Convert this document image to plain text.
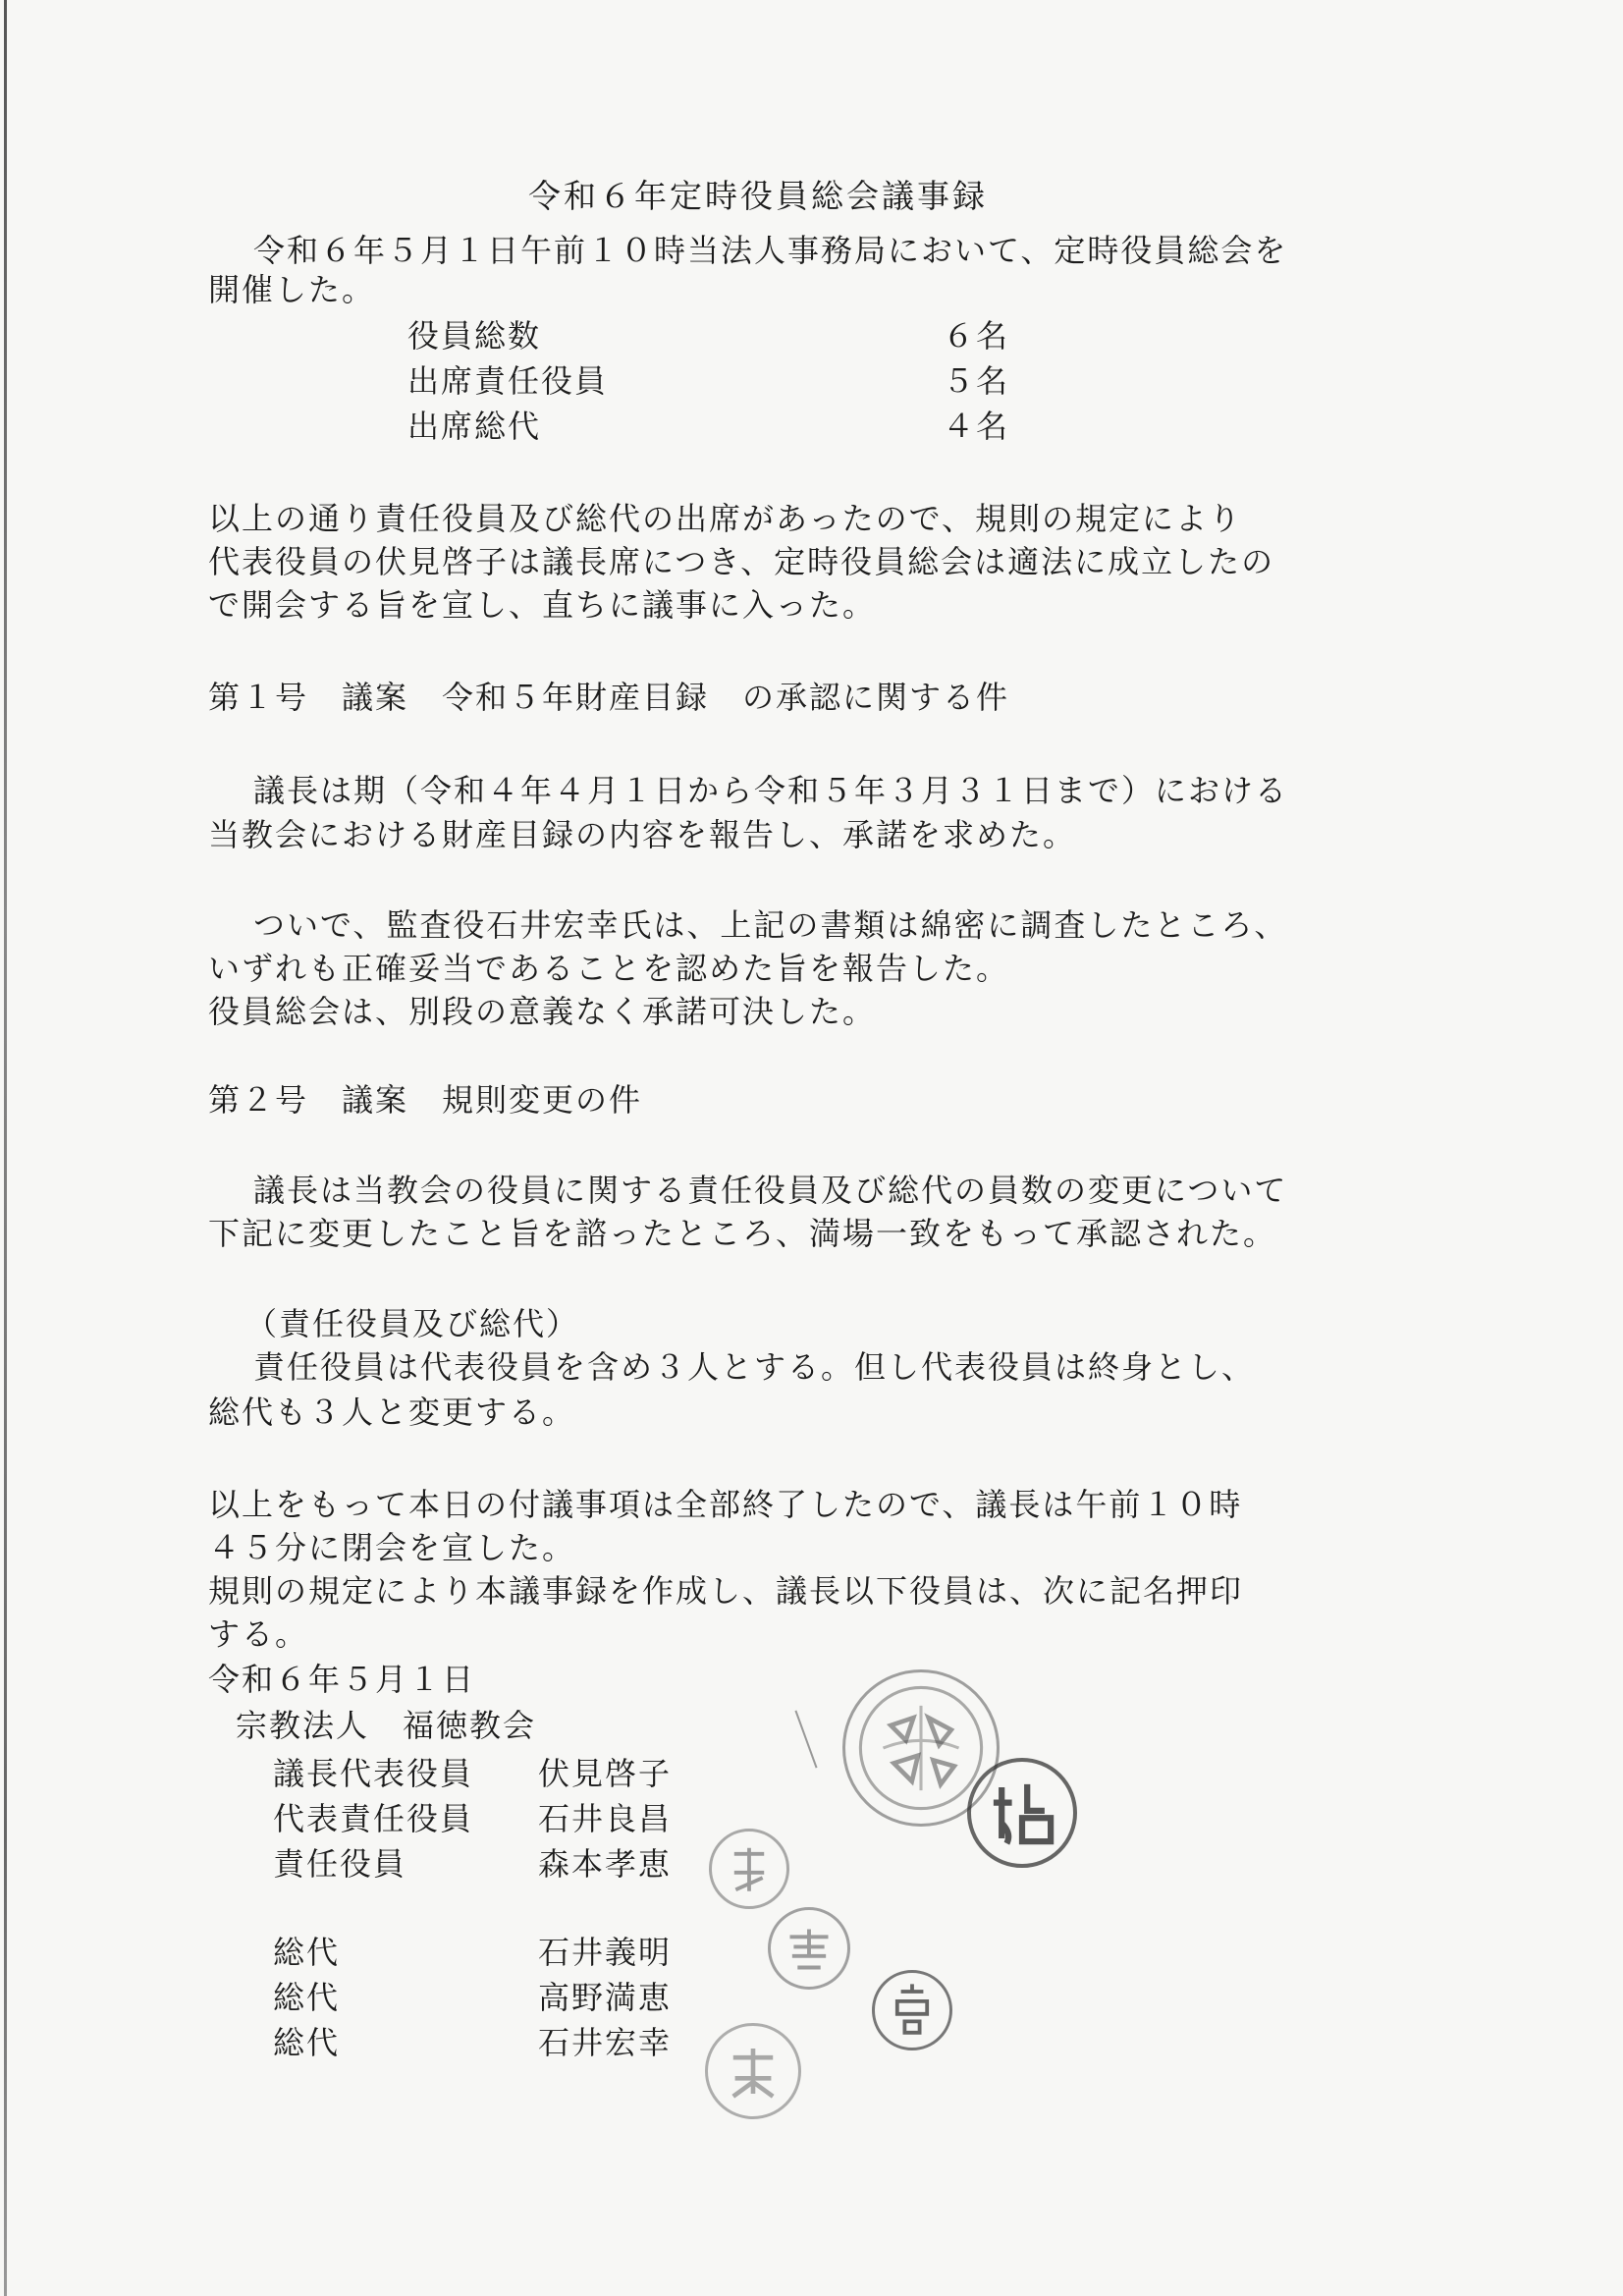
令和６年定時役員総会議事録
令和６年５月１日午前１０時当法人事務局において、定時役員総会を
開催した。
役員総数	６名
出席責任役員	５名
出席総代	４名
以上の通り責任役員及び総代の出席があったので、規則の規定により
代表役員の伏見啓子は議長席につき、定時役員総会は適法に成立したの
で開会する旨を宣し、直ちに議事に入った。
第１号　議案　令和５年財産目録　の承認に関する件
議長は期（令和４年４月１日から令和５年３月３１日まで）における
当教会における財産目録の内容を報告し、承諾を求めた。
ついで、監査役石井宏幸氏は、上記の書類は綿密に調査したところ、
いずれも正確妥当であることを認めた旨を報告した。
役員総会は、別段の意義なく承諾可決した。
第２号　議案　規則変更の件
議長は当教会の役員に関する責任役員及び総代の員数の変更について
下記に変更したこと旨を諮ったところ、満場一致をもって承認された。
（責任役員及び総代）
責任役員は代表役員を含め３人とする。但し代表役員は終身とし、
総代も３人と変更する。
以上をもって本日の付議事項は全部終了したので、議長は午前１０時
４５分に閉会を宣した。
規則の規定により本議事録を作成し、議長以下役員は、次に記名押印
する。
令和６年５月１日
宗教法人　福徳教会
議長代表役員 伏見啓子
代表責任役員 石井良昌
責任役員	森本孝恵
総代	石井義明
総代	高野満恵
総代	石井宏幸
